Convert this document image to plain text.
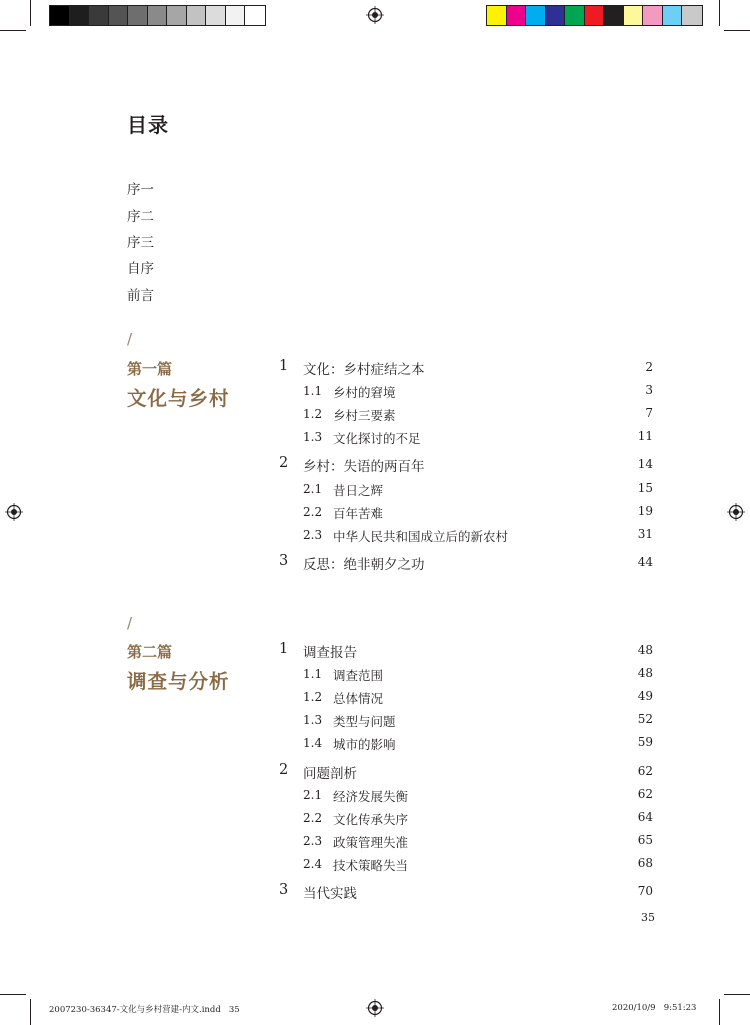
目录
序一
序二
序三
自序
前言
/
第一篇
文化与乡村
1 文化：乡村症结之本	2
1.1 乡村的窘境	3
1.2 乡村三要素	7
1.3 文化探讨的不足	11
2 乡村：失语的两百年	14
2.1 昔日之辉	15
2.2 百年苦难	19
2.3 中华人民共和国成立后的新农村	31
3 反思：绝非朝夕之功	44
/
第二篇
调查与分析
1 调查报告	48
1.1 调查范围	48
1.2 总体情况	49
1.3 类型与问题	52
1.4 城市的影响	59
2 问题剖析	62
2.1 经济发展失衡	62
2.2 文化传承失序	64
2.3 政策管理失准	65
2.4 技术策略失当	68
3 当代实践	70
35
2007230-36347-文化与乡村营建-内文.indd   35	2020/10/9   9:51:23
